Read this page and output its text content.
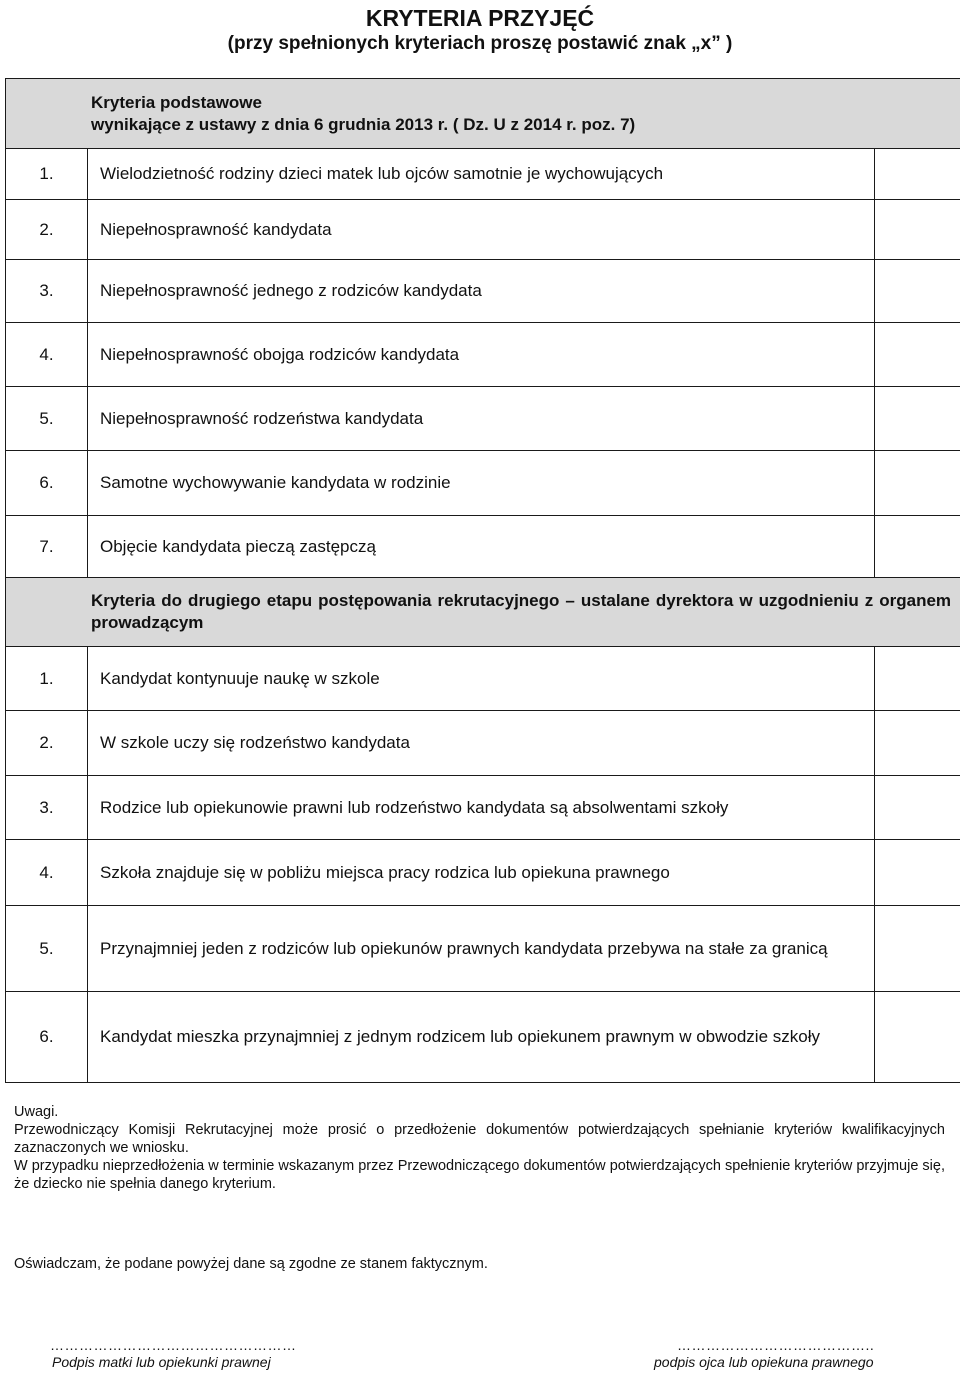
KRYTERIA PRZYJĘĆ
(przy spełnionych kryteriach proszę postawić znak „x” )
Kryteria podstawowe
wynikające z ustawy z dnia 6 grudnia 2013 r. ( Dz. U z 2014 r. poz. 7)		

1.	Wielodzietność rodziny dzieci matek lub ojców samotnie je wychowujących	
2.	Niepełnosprawność kandydata	
3.	Niepełnosprawność jednego z rodziców kandydata	
4.	Niepełnosprawność obojga rodziców kandydata	
5.	Niepełnosprawność rodzeństwa kandydata	
6.	Samotne wychowywanie kandydata w rodzinie	
7.	Objęcie kandydata pieczą zastępczą	
Kryteria do drugiego etapu postępowania rekrutacyjnego – ustalane dyrektora w uzgodnieniu z organem prowadzącym		
1.	Kandydat kontynuuje naukę w szkole	
2.	W szkole uczy się rodzeństwo kandydata	
3.	Rodzice lub opiekunowie prawni lub rodzeństwo kandydata są absolwentami szkoły	
4.	Szkoła znajduje się w pobliżu miejsca pracy rodzica lub opiekuna prawnego	
5.	Przynajmniej jeden z rodziców lub opiekunów prawnych kandydata przebywa na stałe za granicą	
6.	Kandydat mieszka przynajmniej z jednym rodzicem lub opiekunem prawnym w obwodzie szkoły	

Uwagi.

Przewodniczący Komisji Rekrutacyjnej może prosić o przedłożenie dokumentów potwierdzających spełnianie kryteriów kwalifikacyjnych zaznaczonych we wniosku.

W przypadku nieprzedłożenia w terminie wskazanym przez Przewodniczącego dokumentów potwierdzających spełnienie kryteriów przyjmuje się, że dziecko nie spełnia danego kryterium.

Oświadczam, że podane powyżej dane są zgodne ze stanem faktycznym.
……………………………………………
Podpis matki lub opiekunki prawnej
…………………………………..
podpis ojca lub opiekuna prawnego
